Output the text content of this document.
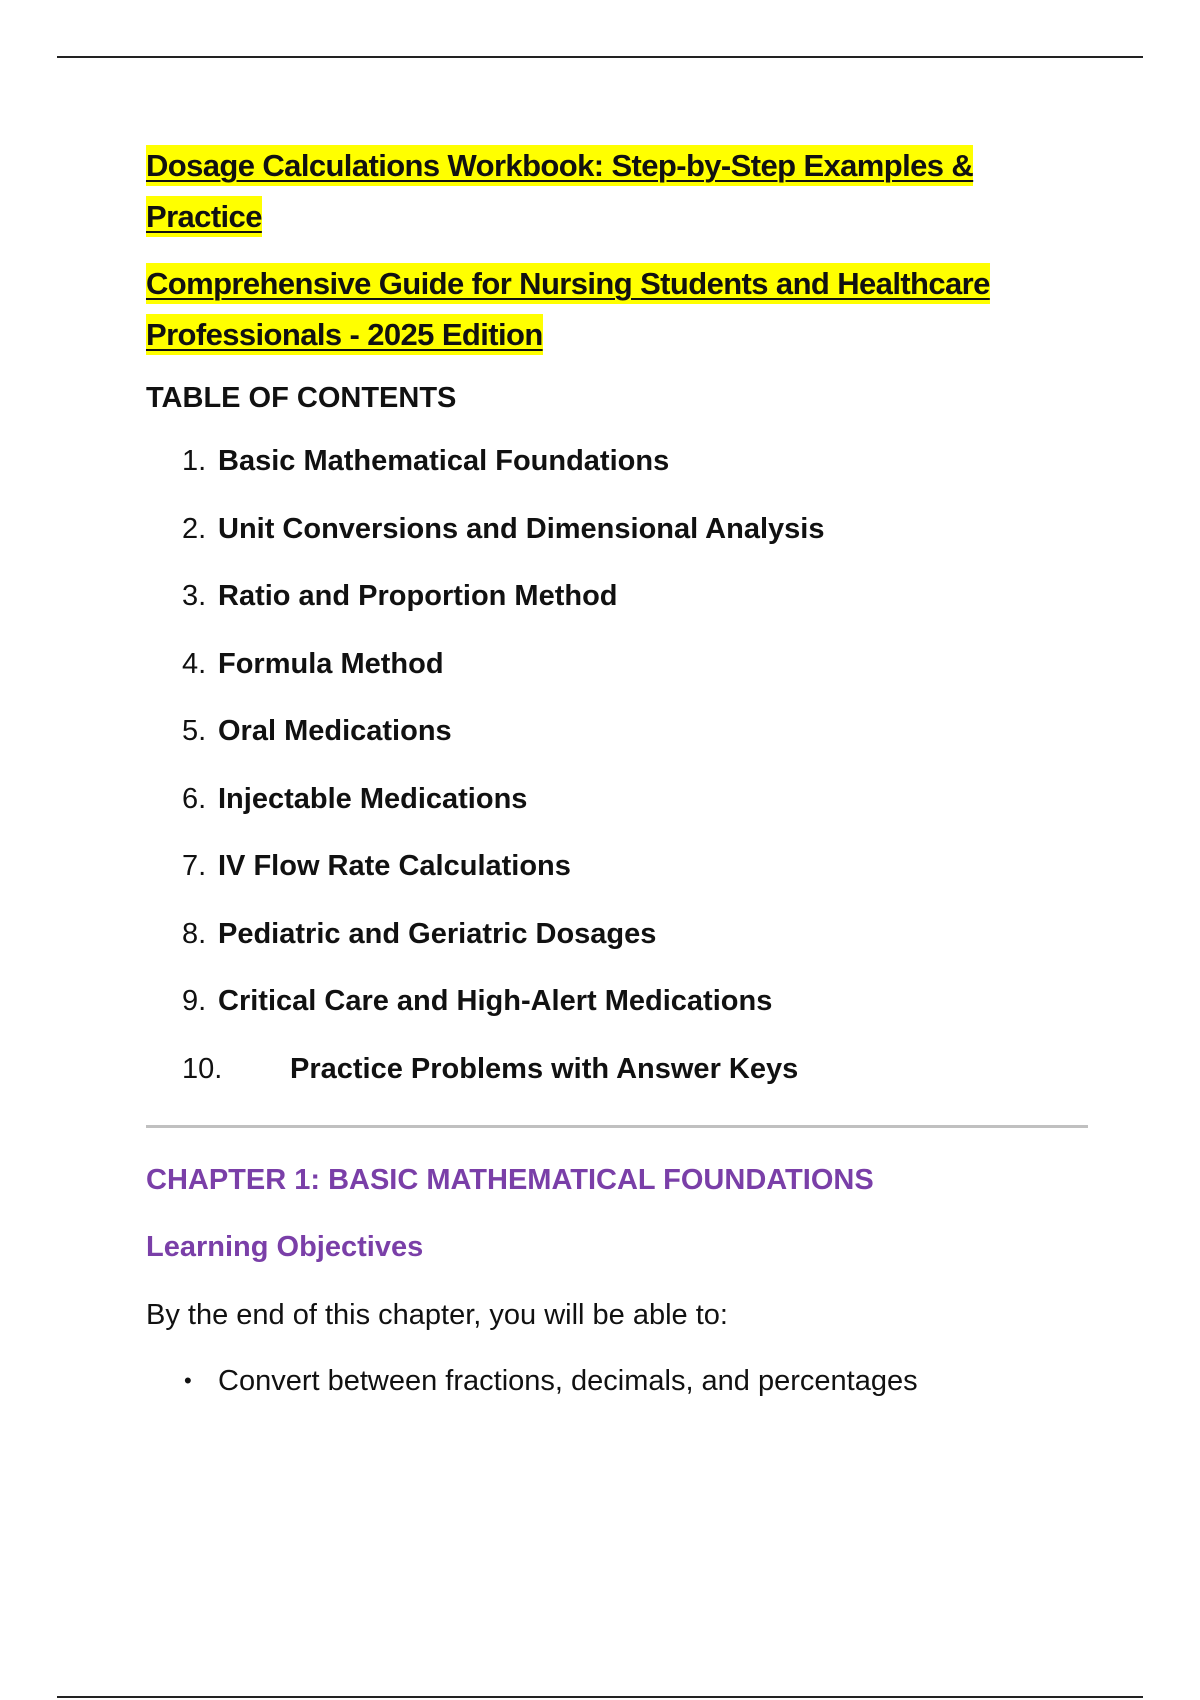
Dosage Calculations Workbook: Step-by-Step Examples & Practice
Comprehensive Guide for Nursing Students and Healthcare Professionals - 2025 Edition
TABLE OF CONTENTS
1. Basic Mathematical Foundations
2. Unit Conversions and Dimensional Analysis
3. Ratio and Proportion Method
4. Formula Method
5. Oral Medications
6. Injectable Medications
7. IV Flow Rate Calculations
8. Pediatric and Geriatric Dosages
9. Critical Care and High-Alert Medications
10. Practice Problems with Answer Keys
CHAPTER 1: BASIC MATHEMATICAL FOUNDATIONS
Learning Objectives

By the end of this chapter, you will be able to:

• Convert between fractions, decimals, and percentages
